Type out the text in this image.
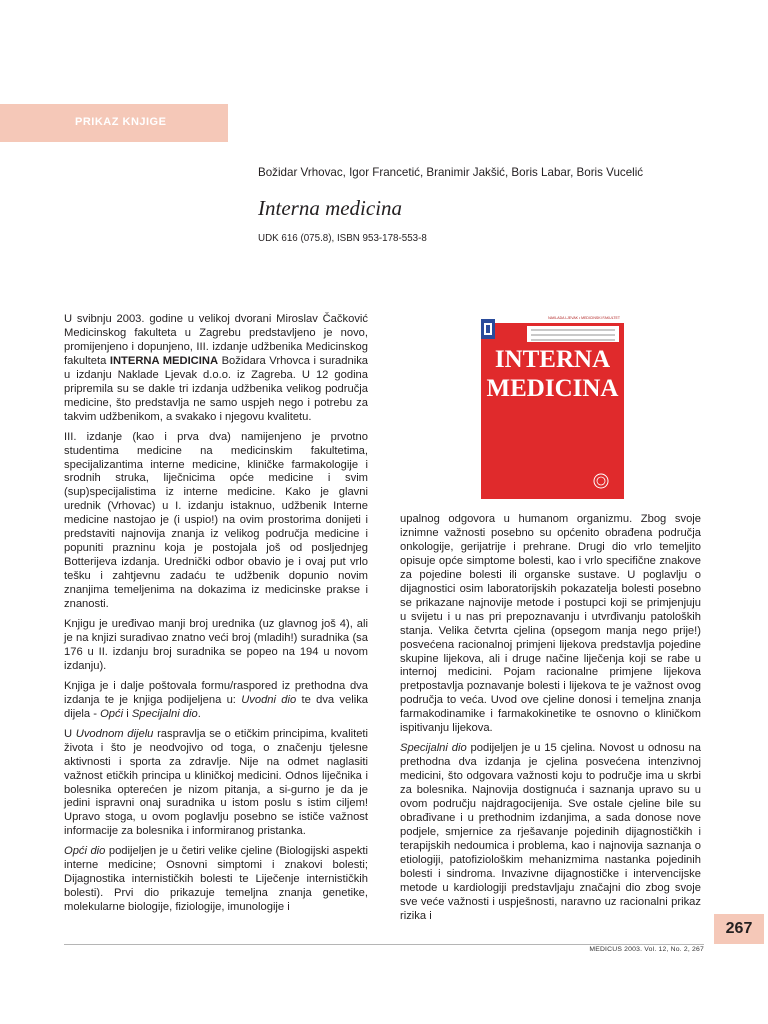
PRIKAZ KNJIGE
Božidar Vrhovac, Igor Francetić, Branimir Jakšić, Boris Labar, Boris Vucelić
Interna medicina
UDK 616 (075.8), ISBN 953-178-553-8

U svibnju 2003. godine u velikoj dvorani Miroslav Čačković Medicinskog fakulteta u Zagrebu predstavljeno je novo, promijenjeno i dopunjeno, III. izdanje udžbenika Medicinskog fakulteta INTERNA MEDICINA Božidara Vrhovca i suradnika u izdanju Naklade Ljevak d.o.o. iz Zagreba. U 12 godina pripremila su se dakle tri izdanja udžbenika velikog područja medicine, što predstavlja ne samo uspjeh nego i potrebu za takvim udžbenikom, a svakako i njegovu kvalitetu.

III. izdanje (kao i prva dva) namijenjeno je prvotno studentima medicine na medicinskim fakultetima, specijalizantima interne medicine, kliničke farmakologije i srodnih struka, liječnicima opće medicine i svim (sup)specijalistima iz interne medicine. Kako je glavni urednik (Vrhovac) u I. izdanju istaknuo, udžbenik Interne medicine nastojao je (i uspio!) na ovim prostorima donijeti i predstaviti najnovija znanja iz velikog područja medicine i popuniti prazninu koja je postojala još od posljednjeg Botterijeva izdanja. Urednički odbor obavio je i ovaj put vrlo tešku i zahtjevnu zadaću te udžbenik dopunio novim znanjima temeljenima na dokazima iz medicinske prakse i znanosti.

Knjigu je uređivao manji broj urednika (uz glavnog još 4), ali je na knjizi suradivao znatno veći broj (mladih!) suradnika (sa 176 u II. izdanju broj suradnika se popeo na 194 u novom izdanju).

Knjiga je i dalje poštovala formu/raspored iz prethodna dva izdanja te je knjiga podijeljena u: Uvodni dio te dva velika dijela - Opći i Specijalni dio.

U Uvodnom dijelu raspravlja se o etičkim principima, kvaliteti života i što je neodvojivo od toga, o značenju tjelesne aktivnosti i sporta za zdravlje. Nije na odmet naglasiti važnost etičkih principa u kliničkoj medicini. Odnos liječnika i bolesnika opterećen je nizom pitanja, a si-gurno je da je jedini ispravni onaj suradnika u istom poslu s istim ciljem! Upravo stoga, u ovom poglavlju posebno se ističe važnost informacije za bolesnika i informiranog pristanka.

Opći dio podijeljen je u četiri velike cjeline (Biologijski aspekti interne medicine; Osnovni simptomi i znakovi bolesti; Dijagnostika internističkih bolesti te Liječenje internističkih bolesti). Prvi dio prikazuje temeljna znanja genetike, molekularne biologije, fiziologije, imunologije i

NAKLADA LJEVAK • MEDICINSKI FAKULTET
INTERNA
MEDICINA

upalnog odgovora u humanom organizmu. Zbog svoje iznimne važnosti posebno su općenito obrađena područja onkologije, gerijatrije i prehrane. Drugi dio vrlo temeljito opisuje opće simptome bolesti, kao i vrlo specifične znakove za pojedine bolesti ili organske sustave. U poglavlju o dijagnostici osim laboratorijskih pokazatelja bolesti posebno se prikazane najnovije metode i postupci koji se primjenjuju u svijetu i u nas pri prepoznavanju i utvrđivanju patoloških stanja. Velika četvrta cjelina (opsegom manja nego prije!) posvećena racionalnoj primjeni lijekova predstavlja pojedine skupine lijekova, ali i druge načine liječenja koji se rabe u internoj medicini. Pojam racionalne primjene lijekova pretpostavlja poznavanje bolesti i lijekova te je važnost ovog područja to veća. Uvod ove cjeline donosi i temeljna znanja farmakodinamike i farmakokinetike te osnovno o kliničkom ispitivanju lijekova.

Specijalni dio podijeljen je u 15 cjelina. Novost u odnosu na prethodna dva izdanja je cjelina posvećena intenzivnoj medicini, što odgovara važnosti koju to područje ima u skrbi za bolesnika. Najnovija dostignuća i saznanja upravo su u ovom području najdragocijenija. Sve ostale cjeline bile su obrađivane i u prethodnim izdanjima, a sada donose nove podjele, smjernice za rješavanje pojedinih dijagnostičkih i terapijskih nedoumica i problema, kao i najnovija saznanja o etiologiji, patofiziološkim mehanizmima nastanka pojedinih bolesti i sindroma. Invazivne dijagnostičke i intervencijske metode u kardiologiji predstavljaju značajni dio zbog svoje sve veće važnosti i uspješnosti, naravno uz racionalni prikaz rizika i

267
MEDICUS 2003. Vol. 12, No. 2, 267
